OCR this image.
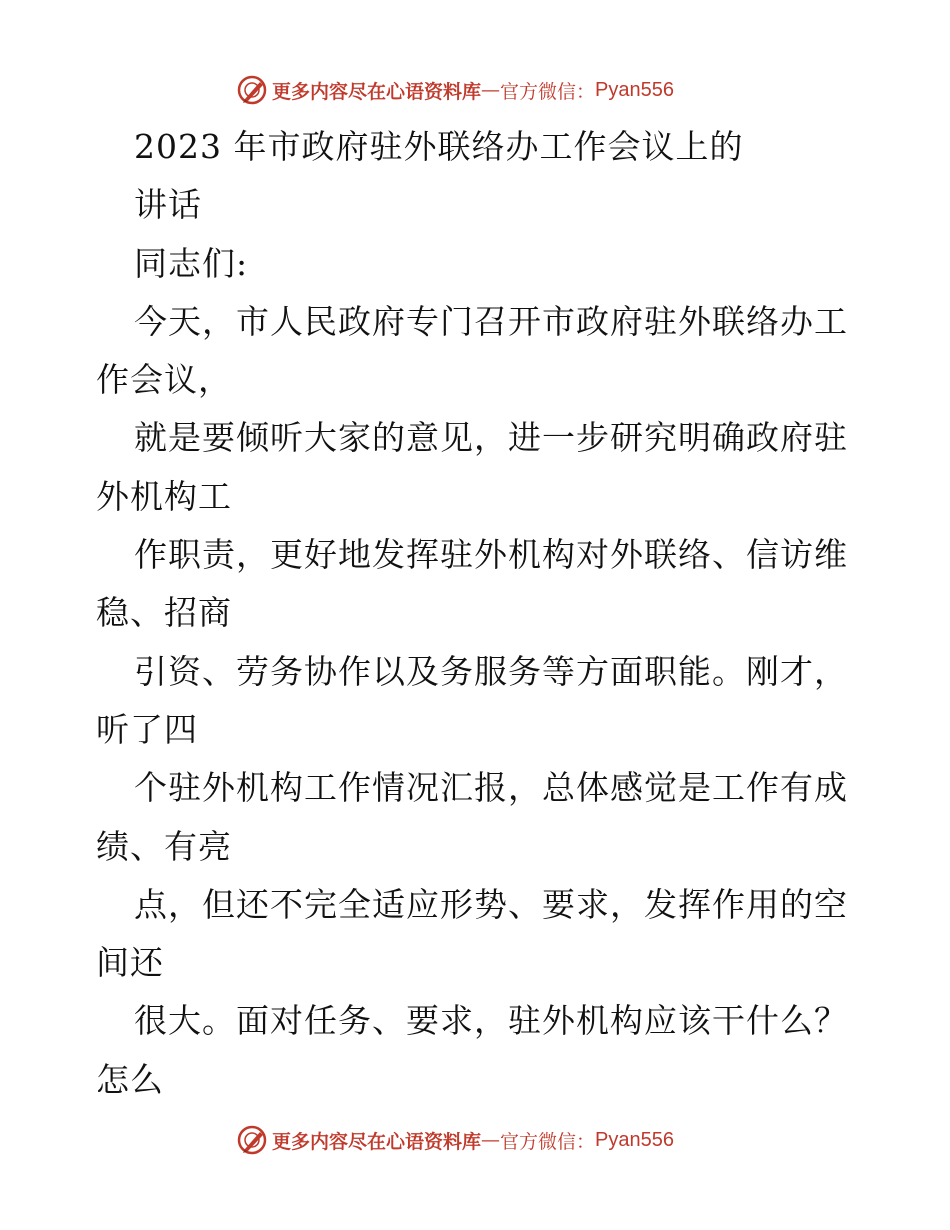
更多内容尽在心语资料库 — 官方微信： Pyan556
2023 年市政府驻外联络办工作会议上的
讲话
同志们:
今天，市人民政府专门召开市政府驻外联络办工
作会议，
就是要倾听大家的意见，进一步研究明确政府驻
外机构工
作职责，更好地发挥驻外机构对外联络、信访维
稳、招商
引资、劳务协作以及务服务等方面职能。刚才，
听了四
个驻外机构工作情况汇报，总体感觉是工作有成
绩、有亮
点，但还不完全适应形势、要求，发挥作用的空
间还
很大。面对任务、要求，驻外机构应该干什么？
怎么
更多内容尽在心语资料库 — 官方微信： Pyan556
